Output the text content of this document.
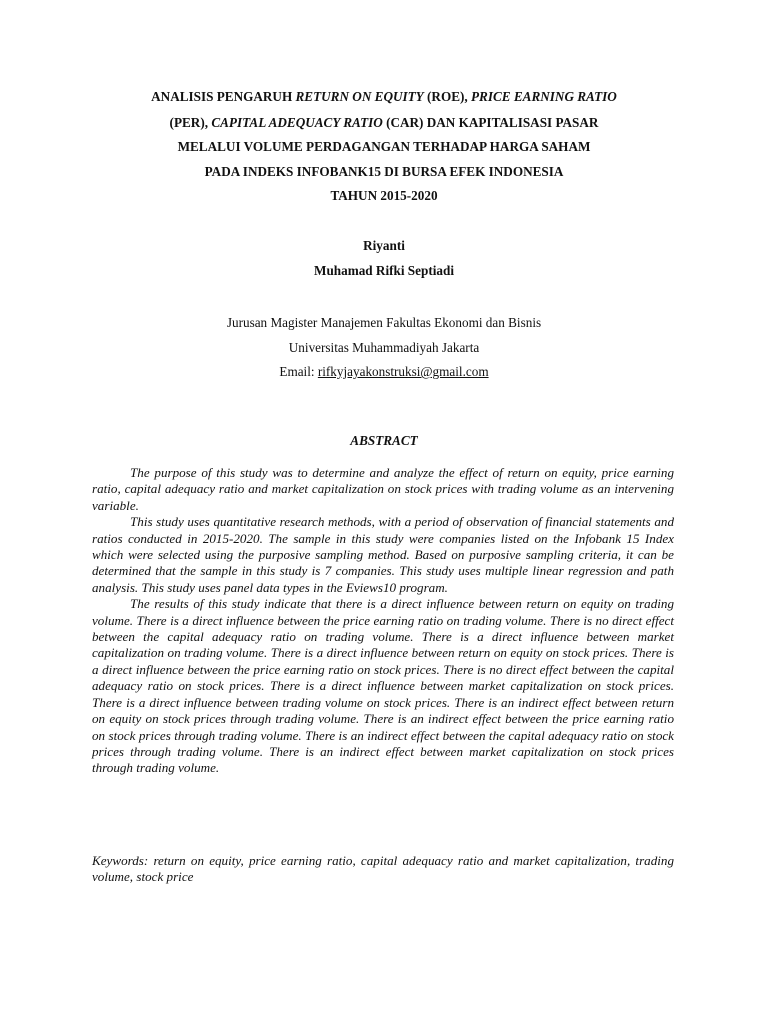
ANALISIS PENGARUH RETURN ON EQUITY (ROE), PRICE EARNING RATIO
(PER), CAPITAL ADEQUACY RATIO (CAR) DAN KAPITALISASI PASAR
MELALUI VOLUME PERDAGANGAN TERHADAP HARGA SAHAM
PADA INDEKS INFOBANK15 DI BURSA EFEK INDONESIA
TAHUN 2015-2020
Riyanti
Muhamad Rifki Septiadi
Jurusan Magister Manajemen Fakultas Ekonomi dan Bisnis
Universitas Muhammadiyah Jakarta
Email: rifkyjayakonstruksi@gmail.com
ABSTRACT

The purpose of this study was to determine and analyze the effect of return on equity, price earning ratio, capital adequacy ratio and market capitalization on stock prices with trading volume as an intervening variable.

This study uses quantitative research methods, with a period of observation of financial statements and ratios conducted in 2015-2020. The sample in this study were companies listed on the Infobank 15 Index which were selected using the purposive sampling method. Based on purposive sampling criteria, it can be determined that the sample in this study is 7 companies. This study uses multiple linear regression and path analysis. This study uses panel data types in the Eviews10 program.

The results of this study indicate that there is a direct influence between return on equity on trading volume. There is a direct influence between the price earning ratio on trading volume. There is no direct effect between the capital adequacy ratio on trading volume. There is a direct influence between market capitalization on trading volume. There is a direct influence between return on equity on stock prices. There is a direct influence between the price earning ratio on stock prices. There is no direct effect between the capital adequacy ratio on stock prices. There is a direct influence between market capitalization on stock prices. There is a direct influence between trading volume on stock prices. There is an indirect effect between return on equity on stock prices through trading volume. There is an indirect effect between the price earning ratio on stock prices through trading volume. There is an indirect effect between the capital adequacy ratio on stock prices through trading volume. There is an indirect effect between market capitalization on stock prices through trading volume.

Keywords: return on equity, price earning ratio, capital adequacy ratio and market capitalization, trading volume, stock price
